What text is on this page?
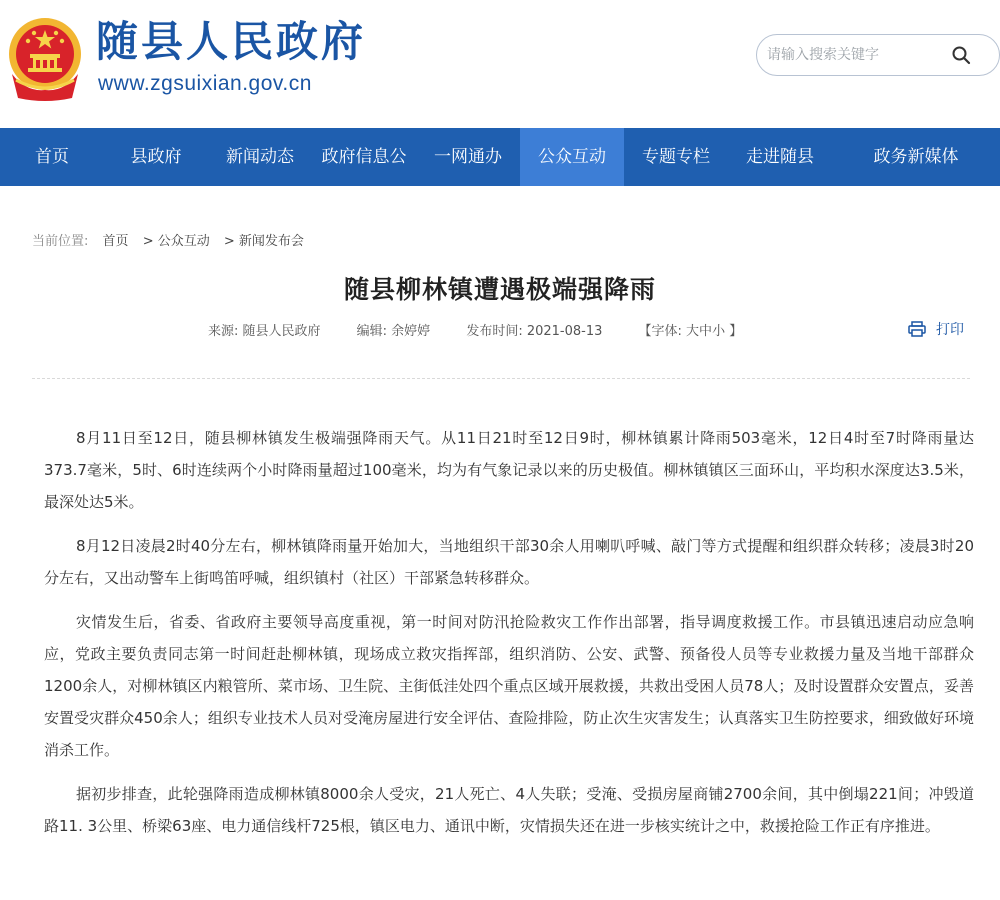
随县人民政府
www.zgsuixian.gov.cn
请输入搜索关键字
首页	县政府	新闻动态	政府信息公	一网通办	公众互动	专题专栏	走进随县	政务新媒体
当前位置: 首页 > 公众互动 > 新闻发布会
随县柳林镇遭遇极端强降雨
来源: 随县人民政府	编辑: 余婷婷	发布时间: 2021-08-13	【字体: 大中小 】	打印

8月11日至12日，随县柳林镇发生极端强降雨天气。从11日21时至12日9时，柳林镇累计降雨503毫米，12日4时至7时降雨量达373.7毫米，5时、6时连续两个小时降雨量超过100毫米，均为有气象记录以来的历史极值。柳林镇镇区三面环山，平均积水深度达3.5米，最深处达5米。

8月12日凌晨2时40分左右，柳林镇降雨量开始加大，当地组织干部30余人用喇叭呼喊、敲门等方式提醒和组织群众转移；凌晨3时20分左右，又出动警车上街鸣笛呼喊，组织镇村（社区）干部紧急转移群众。

灾情发生后，省委、省政府主要领导高度重视，第一时间对防汛抢险救灾工作作出部署，指导调度救援工作。市县镇迅速启动应急响应，党政主要负责同志第一时间赶赴柳林镇，现场成立救灾指挥部，组织消防、公安、武警、预备役人员等专业救援力量及当地干部群众1200余人，对柳林镇区内粮管所、菜市场、卫生院、主街低洼处四个重点区域开展救援，共救出受困人员78人；及时设置群众安置点，妥善安置受灾群众450余人；组织专业技术人员对受淹房屋进行安全评估、查险排险，防止次生灾害发生；认真落实卫生防控要求，细致做好环境消杀工作。

据初步排查，此轮强降雨造成柳林镇8000余人受灾，21人死亡、4人失联；受淹、受损房屋商铺2700余间，其中倒塌221间；冲毁道路11. 3公里、桥梁63座、电力通信线杆725根，镇区电力、通讯中断，灾情损失还在进一步核实统计之中，救援抢险工作正有序推进。
